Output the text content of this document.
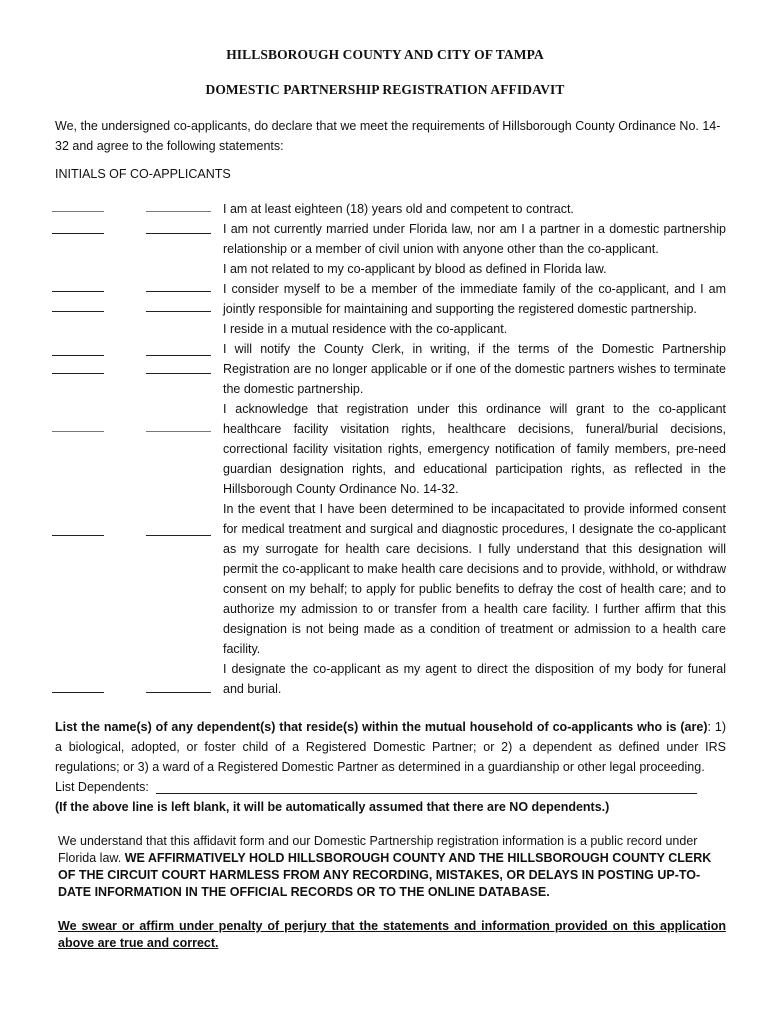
HILLSBOROUGH COUNTY AND CITY OF TAMPA
DOMESTIC PARTNERSHIP REGISTRATION AFFIDAVIT

We, the undersigned co-applicants, do declare that we meet the requirements of Hillsborough County Ordinance No. 14-32 and agree to the following statements:

INITIALS OF CO-APPLICANTS
I am at least eighteen (18) years old and competent to contract.
I am not currently married under Florida law, nor am I a partner in a domestic partnership relationship or a member of civil union with anyone other than the co-applicant.
I am not related to my co-applicant by blood as defined in Florida law.
I consider myself to be a member of the immediate family of the co-applicant, and I am jointly responsible for maintaining and supporting the registered domestic partnership.
I reside in a mutual residence with the co-applicant.
I will notify the County Clerk, in writing, if the terms of the Domestic Partnership Registration are no longer applicable or if one of the domestic partners wishes to terminate the domestic partnership.
I acknowledge that registration under this ordinance will grant to the co-applicant healthcare facility visitation rights, healthcare decisions, funeral/burial decisions, correctional facility visitation rights, emergency notification of family members, pre-need guardian designation rights, and educational participation rights, as reflected in the Hillsborough County Ordinance No. 14-32.
In the event that I have been determined to be incapacitated to provide informed consent for medical treatment and surgical and diagnostic procedures, I designate the co-applicant as my surrogate for health care decisions. I fully understand that this designation will permit the co-applicant to make health care decisions and to provide, withhold, or withdraw consent on my behalf; to apply for public benefits to defray the cost of health care; and to authorize my admission to or transfer from a health care facility. I further affirm that this designation is not being made as a condition of treatment or admission to a health care facility.
I designate the co-applicant as my agent to direct the disposition of my body for funeral and burial.

List the name(s) of any dependent(s) that reside(s) within the mutual household of co-applicants who is (are): 1) a biological, adopted, or foster child of a Registered Domestic Partner; or 2) a dependent as defined under IRS regulations; or 3) a ward of a Registered Domestic Partner as determined in a guardianship or other legal proceeding.

List Dependents:
(If the above line is left blank, it will be automatically assumed that there are NO dependents.)

We understand that this affidavit form and our Domestic Partnership registration information is a public record under Florida law. WE AFFIRMATIVELY HOLD HILLSBOROUGH COUNTY AND THE HILLSBOROUGH COUNTY CLERK OF THE CIRCUIT COURT HARMLESS FROM ANY RECORDING, MISTAKES, OR DELAYS IN POSTING UP-TO-DATE INFORMATION IN THE OFFICIAL RECORDS OR TO THE ONLINE DATABASE.

We swear or affirm under penalty of perjury that the statements and information provided on this application above are true and correct.
